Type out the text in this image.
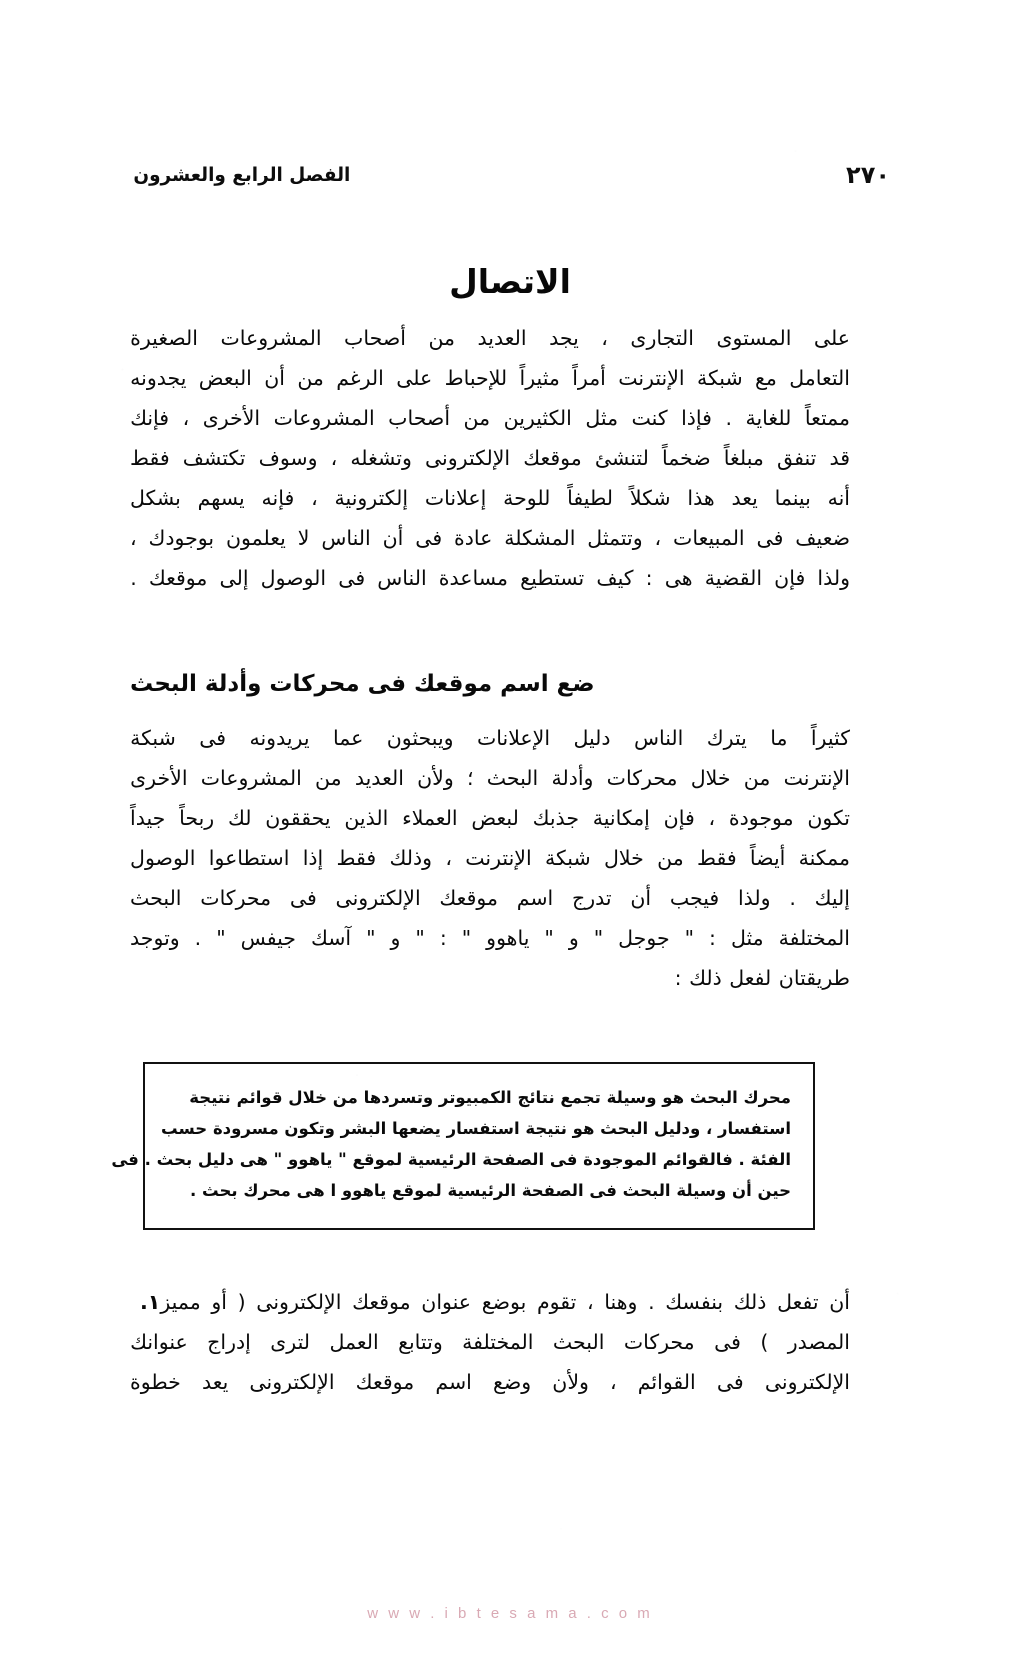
الفصل الرابع والعشرون	٢٧٠
الاتصال
على
المستوى
التجارى
،
يجد
العديد
من
أصحاب
المشروعات
الصغيرة
التعامل
مع
شبكة
الإنترنت
أمراً
مثيراً
للإحباط
على
الرغم
من
أن
البعض
يجدونه
ممتعاً
للغاية
.
فإذا
كنت
مثل
الكثيرين
من
أصحاب
المشروعات
الأخرى
،
فإنك
قد
تنفق
مبلغاً
ضخماً
لتنشئ
موقعك
الإلكترونى
وتشغله
،
وسوف
تكتشف
فقط
أنه
بينما
يعد
هذا
شكلاً
لطيفاً
للوحة
إعلانات
إلكترونية
،
فإنه
يسهم
بشكل
ضعيف
فى
المبيعات
،
وتتمثل
المشكلة
عادة
فى
أن
الناس
لا
يعلمون
بوجودك
،
ولذا
فإن
القضية
هى
:
كيف
تستطيع
مساعدة
الناس
فى
الوصول
إلى
موقعك
.
ضع اسم موقعك فى محركات وأدلة البحث
كثيراً
ما
يترك
الناس
دليل
الإعلانات
ويبحثون
عما
يريدونه
فى
شبكة
الإنترنت
من
خلال
محركات
وأدلة
البحث
؛
ولأن
العديد
من
المشروعات
الأخرى
تكون
موجودة
،
فإن
إمكانية
جذبك
لبعض
العملاء
الذين
يحققون
لك
ربحاً
جيداً
ممكنة
أيضاً
فقط
من
خلال
شبكة
الإنترنت
،
وذلك
فقط
إذا
استطاعوا
الوصول
إليك
.
ولذا
فيجب
أن
تدرج
اسم
موقعك
الإلكترونى
فى
محركات
البحث
المختلفة
مثل
:
"
جوجل
"
و
"
ياهوو
"
:
"
و
"
آسك
جيفس
"
.
وتوجد
طريقتان لفعل ذلك :
محرك البحث هو وسيلة تجمع نتائج الكمبيوتر وتسردها من خلال قوائم نتيجة
استفسار ، ودليل البحث هو نتيجة استفسار يضعها البشر وتكون مسرودة حسب
الفئة . فالقوائم الموجودة فى الصفحة الرئيسية لموقع " ياهوو " هى دليل بحث . فى
حين أن وسيلة البحث فى الصفحة الرئيسية لموقع ياهوو ا هى محرك بحث .
١.	أن
تفعل
ذلك
بنفسك
.
وهنا
،
تقوم
بوضع
عنوان
موقعك
الإلكترونى
(
أو
مميز
المصدر
)
فى
محركات
البحث
المختلفة
وتتابع
العمل
لترى
إدراج
عنوانك
الإلكترونى
فى
القوائم
،
ولأن
وضع
اسم
موقعك
الإلكترونى
يعد
خطوة
w w w . i b t e s a m a . c o m
